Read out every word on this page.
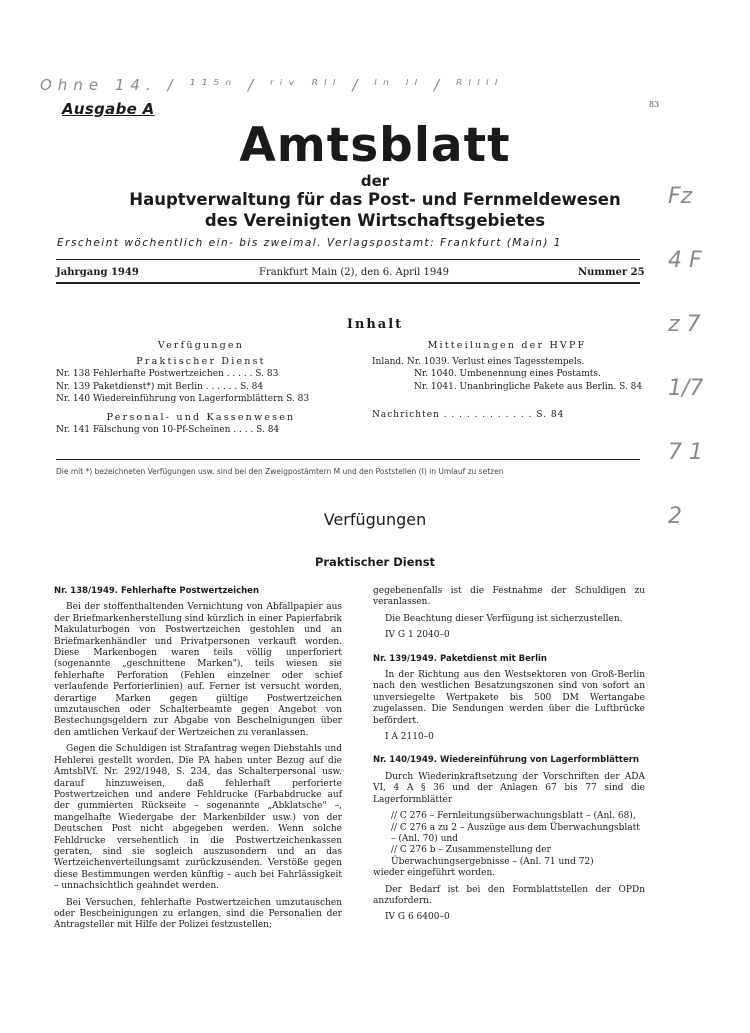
Ohne 14. / ¹¹⁵ⁿ / ʳⁱᵛ ᴿᴵᴵ / ᴵⁿ ᴵᴵ / ᴿᴵᴵᴵᴵ
Fz 4 Fz 7 1/7 7 1 2
83
Ausgabe A
Amtsblatt
der
Hauptverwaltung für das Post- und Fernmeldewesen
des Vereinigten Wirtschaftsgebietes
Erscheint wöchentlich ein- bis zweimal. Verlagspostamt: Frankfurt (Main) 1
Jahrgang 1949	Frankfurt Main (2), den 6. April 1949	Nummer 25
Inhalt
Verfügungen
Praktischer Dienst
Nr. 138 Fehlerhafte Postwertzeichen . . . . . S. 83
Nr. 139 Paketdienst*) mit Berlin . . . . . . S. 84
Nr. 140 Wiedereinführung von Lagerformblättern S. 83
Personal- und Kassenwesen
Nr. 141 Fälschung von 10-Pf-Scheinen . . . . S. 84
Mitteilungen der HVPF
Inland. Nr. 1039. Verlust eines Tagesstempels.
Nr. 1040. Umbenennung eines Postamts.
Nr. 1041. Unanbringliche Pakete aus Berlin. S. 84
Nachrichten . . . . . . . . . . . . S. 84
Die mit *) bezeichneten Verfügungen usw. sind bei den Zweigpostämtern M und den Poststellen (I) in Umlauf zu setzen
Verfügungen
Praktischer Dienst

Nr. 138/1949. Fehlerhafte Postwertzeichen

Bei der stoffenthaltenden Vernichtung von Abfallpapier aus der Briefmarkenherstellung sind kürzlich in einer Papierfabrik Makulaturbogen von Postwertzeichen gestohlen und an Briefmarkenhändler und Privatpersonen verkauft worden. Diese Markenbogen waren teils völlig unperforiert (sogenannte „geschnittene Marken"), teils wiesen sie fehlerhafte Perforation (Fehlen einzelner oder schief verlaufende Perforierlinien) auf. Ferner ist versucht worden, derartige Marken gegen gültige Postwertzeichen umzutauschen oder Schalterbeamte gegen Angebot von Bestechungsgeldern zur Abgabe von Beschelnigungen über den amtlichen Verkauf der Wertzeichen zu veranlassen.

Gegen die Schuldigen ist Strafantrag wegen Diebstahls und Hehlerei gestellt worden. Die PA haben unter Bezug auf die AmtsblVf. Nr. 292/1948, S. 234, das Schalterpersonal usw. darauf hinzuweisen, daß fehlerhaft perforierte Postwertzeichen und andere Fehldrucke (Farbabdrucke auf der gummierten Rückseite – sogenannte „Abklatsche" –, mangelhafte Wiedergabe der Markenbilder usw.) von der Deutschen Post nicht abgegeben werden. Wenn solche Fehldrucke versehentlich in die Postwertzeichenkassen geraten, sind sie sogleich auszusondern und an das Wertzeichenverteilungsamt zurückzusenden. Verstöße gegen diese Bestimmungen werden künftig – auch bei Fahrlässigkeit – unnachsichtlich geahndet werden.

Bei Versuchen, fehlerhafte Postwertzeichen umzutauschen oder Bescheinigungen zu erlangen, sind die Personalien der Antragsteller mit Hilfe der Polizei festzustellen;

gegebenenfalls ist die Festnahme der Schuldigen zu veranlassen.

Die Beachtung dieser Verfügung ist sicherzustellen.

IV G 1 2040–0

Nr. 139/1949. Paketdienst mit Berlin

In der Richtung aus den Westsektoren von Groß-Berlin nach den westlichen Besatzungszonen sind von sofort an unversiegelte Wertpakete bis 500 DM Wertangabe zugelassen. Die Sendungen werden über die Luftbrücke befördert.

I A 2110–0

Nr. 140/1949. Wiedereinführung von Lagerformblättern

Durch Wiederinkraftsetzung der Vorschriften der ADA VI, 4 A § 36 und der Anlagen 67 bis 77 sind die Lagerformblätter

// C 276 – Fernleitungsüberwachungsblatt – (Anl. 68),

// C 276 a zu 2 – Auszüge aus dem Überwachungsblatt – (Anl. 70) und

// C 276 b – Zusammenstellung der Überwachungsergebnisse – (Anl. 71 und 72)

wieder eingeführt worden.

Der Bedarf ist bei den Formblattstellen der OPDn anzufordern.

IV G 6 6400–0
